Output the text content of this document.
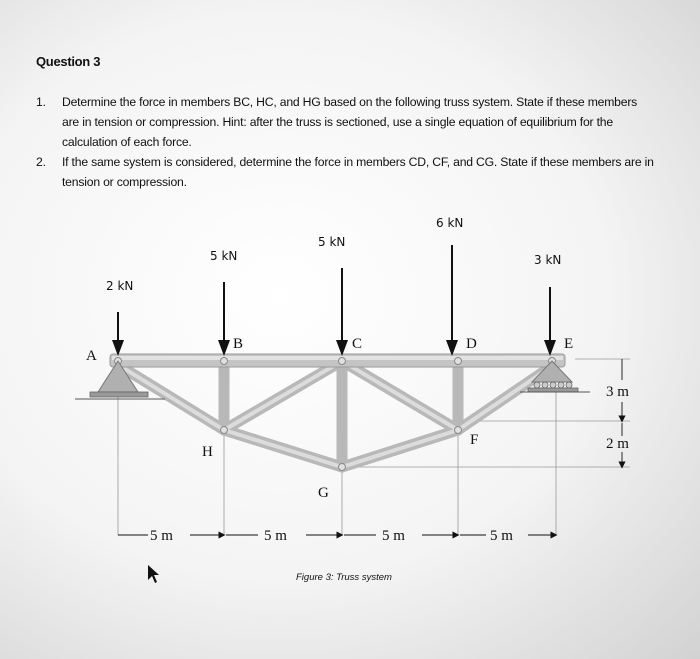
Question 3
1.	Determine the force in members BC, HC, and HG based on the following truss system. State if these members are in tension or compression. Hint: after the truss is sectioned, use a single equation of equilibrium for the calculation of each force.
2.	If the same system is considered, determine the force in members CD, CF, and CG. State if these members are in tension or compression.
2 kN
5 kN
5 kN
6 kN
3 kN
A
B	C	D	E
F
G
H
5 m	5 m	5 m	5 m
3 m
2 m
Figure 3: Truss system
